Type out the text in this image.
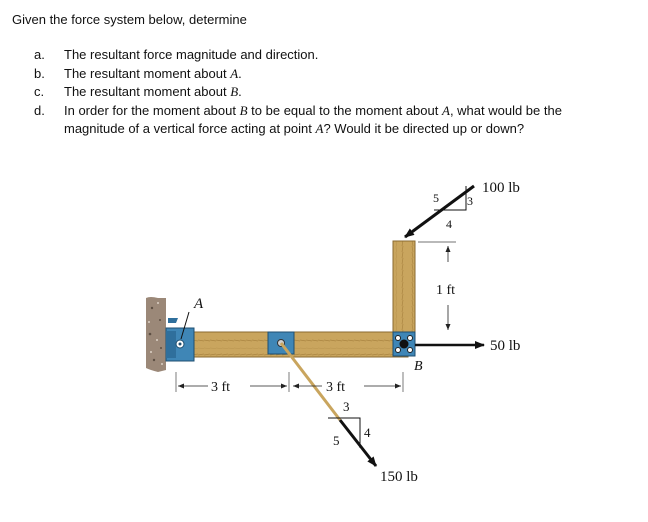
Given the force system below, determine
a. The resultant force magnitude and direction.
b. The resultant moment about A.
c. The resultant moment about B.
d. In order for the moment about B to be equal to the moment about A, what would be the magnitude of a vertical force acting at point A? Would it be directed up or down?
A
B
100 lb
5 3
4
50 lb
1 ft
3 ft	3 ft
3
5
4
150 lb
